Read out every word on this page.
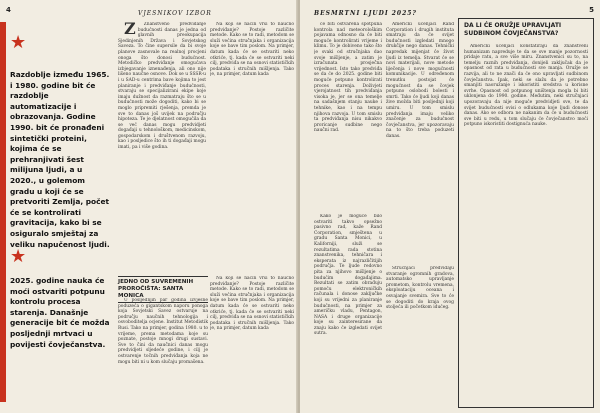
4	VJESNIKOV IZBOR
★
Razdoblje između 1965. i 1980. godine bit će razdoblje automatizacije i obrazovanja. Godine 1990. bit će pronađeni sintetički proteini, kojima će se prehranjivati šest milijuna ljudi, a u 2020., u golemom gradu u koji će se pretvoriti Zemlja, počet će se kontrolirati gravitacija, kako bi se osiguralo smještaj za veliku napučenost ljudi.
★
2025. godine nauka će moći ostvariti potpunu kontrolu procesa starenja. Današnje generacije bit će možda posljednji mrtvaci u povijesti čovječanstva.

Z Znanstveno predviđanje budućnosti danas je jedna od glavnih preokupacija Sjedinjenih Država i Sovjetskog Saveza. To čine supersile da bi svoje planove zasnovale na realnoj procjeni onoga što donosi budućnost. Metodičko predviđanje omogućava izbjegavanje iznenađenja, ali ono nije lišeno naučne osnove. Dok se u SSSR-u i u SAD-u centrima bave kojima to jest planiranje i predviđanje budućnosti, stvaraju se specijalizirani ekipe koje imaju dužnost da razmatraju što se u budućnosti može dogoditi, kako bi se moglo pripremiti rješenja, premda je sve to danas još uvijek na području hipoteza. Te je djelatnost omogućila da se već danas mogu predvidjeti događaji u tehnološkom, medicinskom, gospodarskom i društvenom razvoju, kao i posljedice što ih ti događaji mogu imati, pa i više godina.

Na koji se način vrši to naučno predviđanje? Postoje različite metode. Kako se to radi, metodom se služi većina stručnjaka i organizacija koje se bave tim poslom. Na primjer, datum kada će se ostvariti neko otkriće, tj. kada će se ostvariti neki cilj, predviđa se na osnovi statističkih podataka i stručnih mišljenja. Tako je, na primjer, datum kada

JEDNO OD SUVREMENIH PROROČIŠTA: SANTA MONICA

U posljednjih par godina izvjesne poduzeća o gigantskom naporu ponoga koja Sovjetski Savez ostvaruje na području naučnih tehnologija i osvoboditelja ocjene. Institut Metodistik Rusi. Tako na primjer, godina 1980. u to vrijeme, prema metodama koje su poznate, postoje mnogi drugi sustavi. Sve to čini da naučnici danas mogu predvidjeti sljedeće godine, i cilj je ostvarenje točnih predviđanja koja ne mogu biti ni u kom slučaju promašena.

Na koji se način vrši to naučno predviđanje? Postoje različite metode. Kako se to radi, metodom se služi većina stručnjaka i organizacija koje se bave tim poslom. Na primjer, datum kada će se ostvariti neko otkriće, tj. kada će se ostvariti neki cilj, predviđa se na osnovi statističkih podataka i stručnih mišljenja. Tako je, na primjer, datum kada

BESMRTNI LJUDI 2025?	5

će biti ostvarena spotpuna kontrola nad meteorološkim pojavama odnosno da će biti moguće kontrolirati vrijeme i klimu. To je dobiveno tako što je svaki od stručnjaka dao svoje mišljenje, a zatim je izračunata prosječna vrijednost. Isto tako predviđa se da će do 2025. godine biti moguće potpuno kontrolirati proces starenja. Doživjeti vjerojatnost tih predviđanja visoka je, jer se ona temelje na sadašnjem stanju nauke i tehnike, kao i na tempu njihova razvoja. U tom smislu ta predviđanja nisu nikakvo proricanje sudbine nego naučni rad.

Kako je moguće bilo ostvariti takvo opsežno pasivno rad, kaže Rand Corporation, smještena u gradu Santa Monici, u Kaliforniji, služi se rezultatima rada stotina znanstvenika, tehničara i eksperata iz najrazličitijih područja. Te ljude redovno pita za njihovo mišljenje o budućim događajima. Rezultati se zatim obrađuju pomoću elektroničkih računala i donose zaključke koji su vrijedni za planiranje budućnosti, na primjer za američku vladu, Pentagon, NASA i druge organizacije koje su zainteresirane da znaju kako će izgledati svijet sutra.

Američki učenjaci Rand Corporation i drugih instituta smatraju da će svijet budućnosti izgledati mnogo drukčije nego danas. Tehnički napredak mijenjat će život ljudi iz temelja. Stvarat će se novi materijali, nove metode liječenja i nove mogućnosti komunikacije. U određenom trenutku postojat će mogućnost da se čovjek potpuno oslobodi bolesti i smrti. Tako će ljudi koji danas žive možda biti posljednji koji umiru. U tom smislu predviđanja imaju veliko značenje za budućnost čovječanstva, jer upozoravaju na to što treba poduzeti danas.

Stručnjaci predviđaju stvaranje ogromnih gradova, automatsko upravljanje prometom, kontrolu vremena, eksploataciju oceana i osvajanje svemira. Sve to će se dogoditi do kraja ovog stoljeća ili početkom idućeg.

DA LI ĆE ORUŽJE UPRAVLJATI SUDBINOM ČOVJEČANSTVA?

Američki učenjaci konstatiraju da znanstveni humanizam napreduje te da se sve manje pozornosti pridaje ratu, a sve više miru. Znanstvenici su to, na temelju raznih predviđanja, donijeli zaključak da je opasnost od rata u budućnosti sve manja. Oružje se razvija, ali to ne znači da će ono upravljati sudbinom čovječanstva. Ipak, neki se slažu da je potrebno smanjiti naoružanje i iskoristiti sredstva u korisne svrhe. Opasnost od potpunog uništenja mogla bi biti uklonjena do 1990. godine. Međutim, neki stručnjaci upozoravaju da nije moguće predvidjeti sve, te da svijet budućnosti ovisi o odlukama koje ljudi donose danas. Ako se odbora ne nakanim da će u budućnosti sve biti u redu, u tom slučaju će čovječanstvo moći potpuno iskoristiti dostignuća nauke.
